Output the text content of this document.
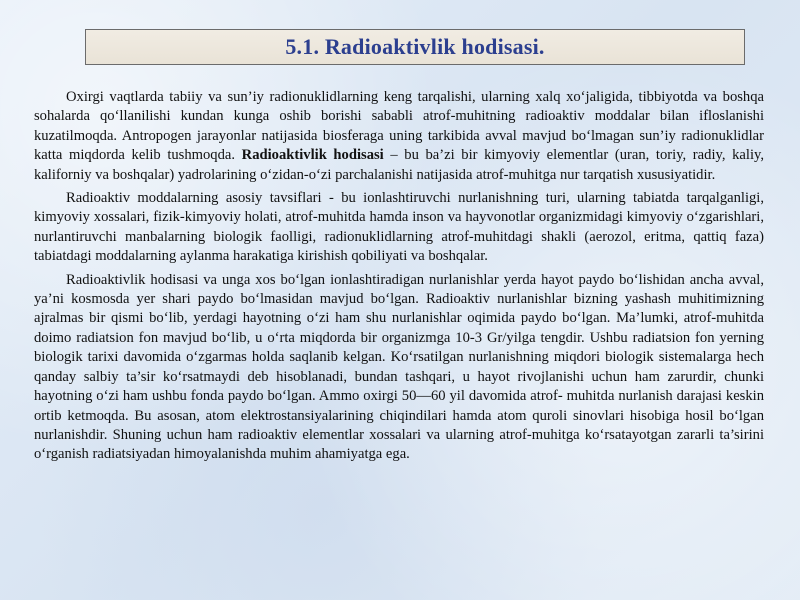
5.1. Radioaktivlik hodisasi.

Oxirgi vaqtlarda tabiiy va sun’iy radionuklidlarning keng tarqalishi, ularning xalq xo‘jaligida, tibbiyotda va boshqa sohalarda qo‘llanilishi kundan kunga oshib borishi sababli atrof-muhitning radioaktiv moddalar bilan ifloslanishi kuzatilmoqda. Antropogen jarayonlar natijasida biosferaga uning tarkibida avval mavjud bo‘lmagan sun’iy radionuklidlar katta miqdorda kelib tushmoqda. Radioaktivlik hodisasi – bu ba’zi bir kimyoviy elementlar (uran, toriy, radiy, kaliy, kaliforniy va boshqalar) yadrolarining o‘zidan-o‘zi parchalanishi natijasida atrof-muhitga nur tarqatish xususiyatidir.

Radioaktiv moddalarning asosiy tavsiflari - bu ionlashtiruvchi nurlanishning turi, ularning tabiatda tarqalganligi, kimyoviy xossalari, fizik-kimyoviy holati, atrof-muhitda hamda inson va hayvonotlar organizmidagi kimyoviy o‘zgarishlari, nurlantiruvchi manbalarning biologik faolligi, radionuklidlarning atrof-muhitdagi shakli (aerozol, eritma, qattiq faza) tabiatdagi moddalarning aylanma harakatiga kirishish qobiliyati va boshqalar.

Radioaktivlik hodisasi va unga xos bo‘lgan ionlashtiradigan nurlanishlar yerda hayot paydo bo‘lishidan ancha avval, ya’ni kosmosda yer shari paydo bo‘lmasidan mavjud bo‘lgan. Radioaktiv nurlanishlar bizning yashash muhitimizning ajralmas bir qismi bo‘lib, yerdagi hayotning o‘zi ham shu nurlanishlar oqimida paydo bo‘lgan. Ma’lumki, atrof-muhitda doimo radiatsion fon mavjud bo‘lib, u o‘rta miqdorda bir organizmga 10-3 Gr/yilga tengdir. Ushbu radiatsion fon yerning biologik tarixi davomida o‘zgarmas holda saqlanib kelgan. Ko‘rsatilgan nurlanishning miqdori biologik sistemalarga hech qanday salbiy ta’sir ko‘rsatmaydi deb hisoblanadi, bundan tashqari, u hayot rivojlanishi uchun ham zarurdir, chunki hayotning o‘zi ham ushbu fonda paydo bo‘lgan. Ammo oxirgi 50—60 yil davomida atrof- muhitda nurlanish darajasi keskin ortib ketmoqda. Bu asosan, atom elektrostansiyalarining chiqindilari hamda atom quroli sinovlari hisobiga hosil bo‘lgan nurlanishdir. Shuning uchun ham radioaktiv elementlar xossalari va ularning atrof-muhitga ko‘rsatayotgan zararli ta’sirini o‘rganish radiatsiyadan himoyalanishda muhim ahamiyatga ega.
